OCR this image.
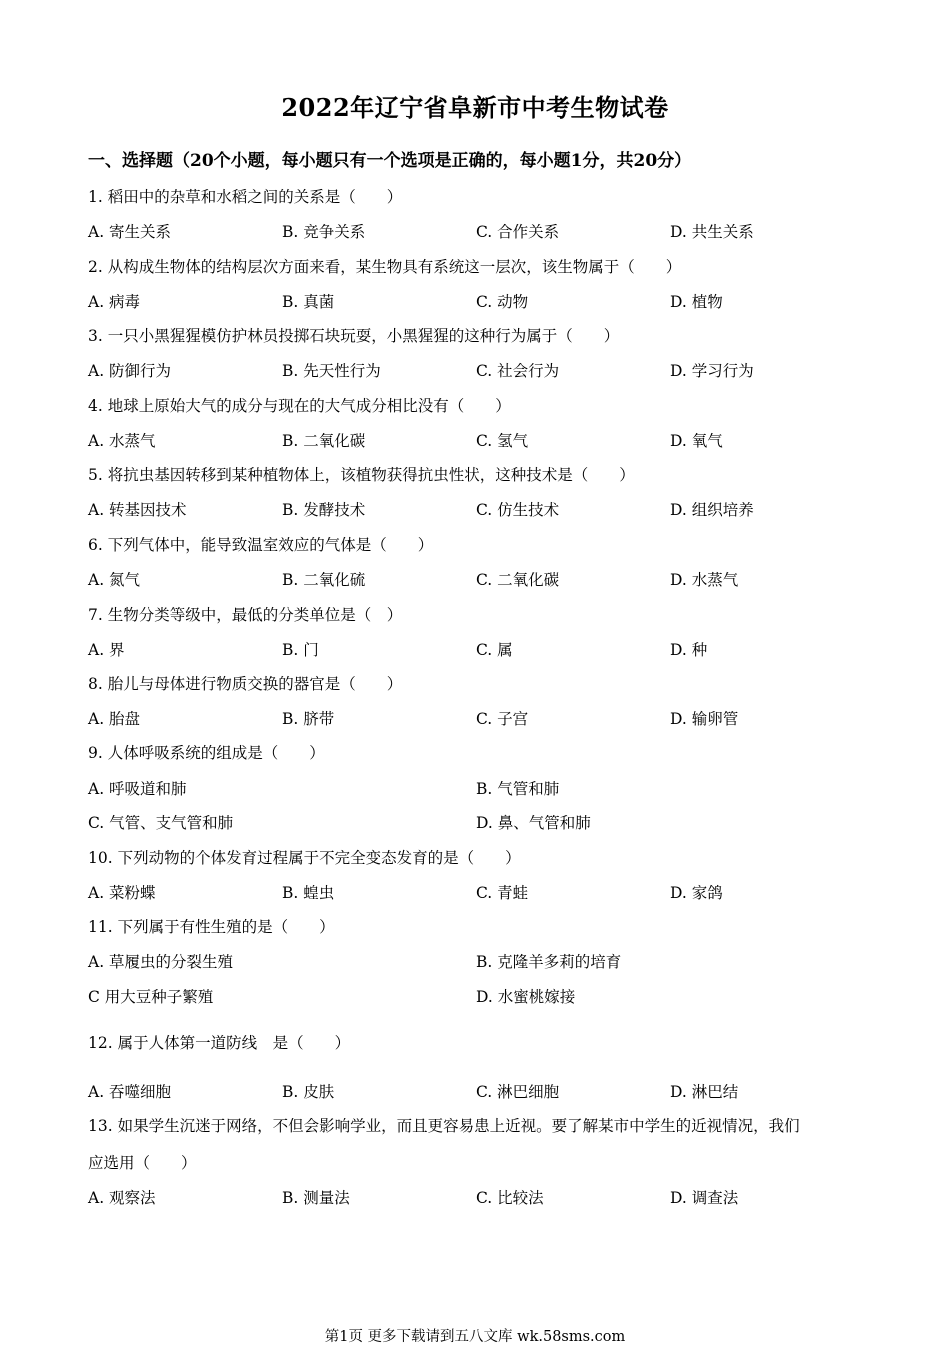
2022年辽宁省阜新市中考生物试卷
一、选择题（20个小题，每小题只有一个选项是正确的，每小题1分，共20分）
1. 稻田中的杂草和水稻之间的关系是（　　）
A. 寄生关系	B. 竞争关系	C. 合作关系	D. 共生关系
2. 从构成生物体的结构层次方面来看，某生物具有系统这一层次，该生物属于（　　）
A. 病毒	B. 真菌	C. 动物	D. 植物
3. 一只小黑猩猩模仿护林员投掷石块玩耍，小黑猩猩的这种行为属于（　　）
A. 防御行为	B. 先天性行为	C. 社会行为	D. 学习行为
4. 地球上原始大气的成分与现在的大气成分相比没有（　　）
A. 水蒸气	B. 二氧化碳	C. 氢气	D. 氧气
5. 将抗虫基因转移到某种植物体上，该植物获得抗虫性状，这种技术是（　　）
A. 转基因技术	B. 发酵技术	C. 仿生技术	D. 组织培养
6. 下列气体中，能导致温室效应的气体是（　　）
A. 氮气	B. 二氧化硫	C. 二氧化碳	D. 水蒸气
7. 生物分类等级中，最低的分类单位是（　）
A. 界	B. 门	C. 属	D. 种
8. 胎儿与母体进行物质交换的器官是（　　）
A. 胎盘	B. 脐带	C. 子宫	D. 输卵管
9. 人体呼吸系统的组成是（　　）
A. 呼吸道和肺	B. 气管和肺
C. 气管、支气管和肺	D. 鼻、气管和肺
10. 下列动物的个体发育过程属于不完全变态发育的是（　　）
A. 菜粉蝶	B. 蝗虫	C. 青蛙	D. 家鸽
11. 下列属于有性生殖的是（　　）
A. 草履虫的分裂生殖	B. 克隆羊多莉的培育
C 用大豆种子繁殖	D. 水蜜桃嫁接
12. 属于人体第一道防线　是（　　）
A. 吞噬细胞	B. 皮肤	C. 淋巴细胞	D. 淋巴结
13. 如果学生沉迷于网络，不但会影响学业，而且更容易患上近视。要了解某市中学生的近视情况，我们
应选用（　　）
A. 观察法	B. 测量法	C. 比较法	D. 调查法
第1页 更多下载请到五八文库 wk.58sms.com
